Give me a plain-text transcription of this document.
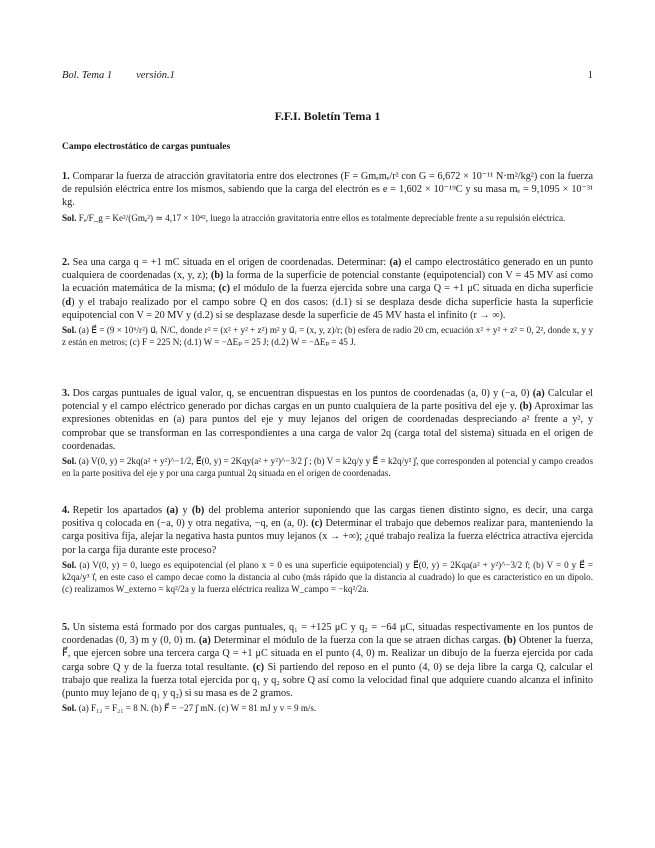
Bol. Tema 1 versión.1	1
F.F.I. Boletín Tema 1
Campo electrostático de cargas puntuales

1. Comparar la fuerza de atracción gravitatoria entre dos electrones (F = Gmₑmₑ/r² con G = 6,672 × 10⁻¹¹ N·m²/kg²) con la fuerza de repulsión eléctrica entre los mismos, sabiendo que la carga del electrón es e = 1,602 × 10⁻¹⁹C y su masa mₑ = 9,1095 × 10⁻³¹ kg.

Sol. Fₑ/F_g = Ke²/(Gmₑ²) ≃ 4,17 × 10⁴², luego la atracción gravitatoria entre ellos es totalmente depreciable frente a su repulsión eléctrica.

2. Sea una carga q = +1 mC situada en el origen de coordenadas. Determinar: (a) el campo electrostático generado en un punto cualquiera de coordenadas (x, y, z); (b) la forma de la superficie de potencial constante (equipotencial) con V = 45 MV así como la ecuación matemática de la misma; (c) el módulo de la fuerza ejercida sobre una carga Q = +1 μC situada en dicha superficie (d) y el trabajo realizado por el campo sobre Q en dos casos: (d.1) si se desplaza desde dicha superficie hasta la superficie equipotencial con V = 20 MV y (d.2) si se desplazase desde la superficie de 45 MV hasta el infinito (r → ∞).

Sol. (a) E⃗ = (9 × 10⁶/r²) u⃗ᵣ N/C, donde r² = (x² + y² + z²) m² y u⃗ᵣ = (x, y, z)/r; (b) esfera de radio 20 cm, ecuación x² + y² + z² = 0, 2², donde x, y y z están en metros; (c) F = 225 N; (d.1) W = −ΔEₚ = 25 J; (d.2) W = −ΔEₚ = 45 J.

3. Dos cargas puntuales de igual valor, q, se encuentran dispuestas en los puntos de coordenadas (a, 0) y (−a, 0) (a) Calcular el potencial y el campo eléctrico generado por dichas cargas en un punto cualquiera de la parte positiva del eje y. (b) Aproximar las expresiones obtenidas en (a) para puntos del eje y muy lejanos del origen de coordenadas despreciando a² frente a y², y comprobar que se transforman en las correspondientes a una carga de valor 2q (carga total del sistema) situada en el origen de coordenadas.

Sol. (a) V(0, y) = 2kq(a² + y²)^−1/2, E⃗(0, y) = 2Kqy(a² + y²)^−3/2 j⃗ ; (b) V = k2q/y y E⃗ = k2q/y² j⃗, que corresponden al potencial y campo creados en la parte positiva del eje y por una carga puntual 2q situada en el origen de coordenadas.

4. Repetir los apartados (a) y (b) del problema anterior suponiendo que las cargas tienen distinto signo, es decir, una carga positiva q colocada en (−a, 0) y otra negativa, −q, en (a, 0). (c) Determinar el trabajo que debemos realizar para, manteniendo la carga positiva fija, alejar la negativa hasta puntos muy lejanos (x → +∞); ¿qué trabajo realiza la fuerza eléctrica atractiva ejercida por la carga fija durante este proceso?

Sol. (a) V(0, y) = 0, luego es equipotencial (el plano x = 0 es una superficie equipotencial) y E⃗(0, y) = 2Kqa(a² + y²)^−3/2 i⃗; (b) V = 0 y E⃗ = k2qa/y³ i⃗, en este caso el campo decae como la distancia al cubo (más rápido que la distancia al cuadrado) lo que es característico en un dipolo. (c) realizamos W_externo = kq²/2a y la fuerza eléctrica realiza W_campo = −kq²/2a.

5. Un sistema está formado por dos cargas puntuales, q₁ = +125 μC y q₂ = −64 μC, situadas respectivamente en los puntos de coordenadas (0, 3) m y (0, 0) m. (a) Determinar el módulo de la fuerza con la que se atraen dichas cargas. (b) Obtener la fuerza, F⃗, que ejercen sobre una tercera carga Q = +1 μC situada en el punto (4, 0) m. Realizar un dibujo de la fuerza ejercida por cada carga sobre Q y de la fuerza total resultante. (c) Si partiendo del reposo en el punto (4, 0) se deja libre la carga Q, calcular el trabajo que realiza la fuerza total ejercida por q₁ y q₂ sobre Q así como la velocidad final que adquiere cuando alcanza el infinito (punto muy lejano de q₁ y q₂) si su masa es de 2 gramos.

Sol. (a) F₁₂ = F₂₁ = 8 N. (b) F⃗ = −27 j⃗ mN. (c) W = 81 mJ y v = 9 m/s.
